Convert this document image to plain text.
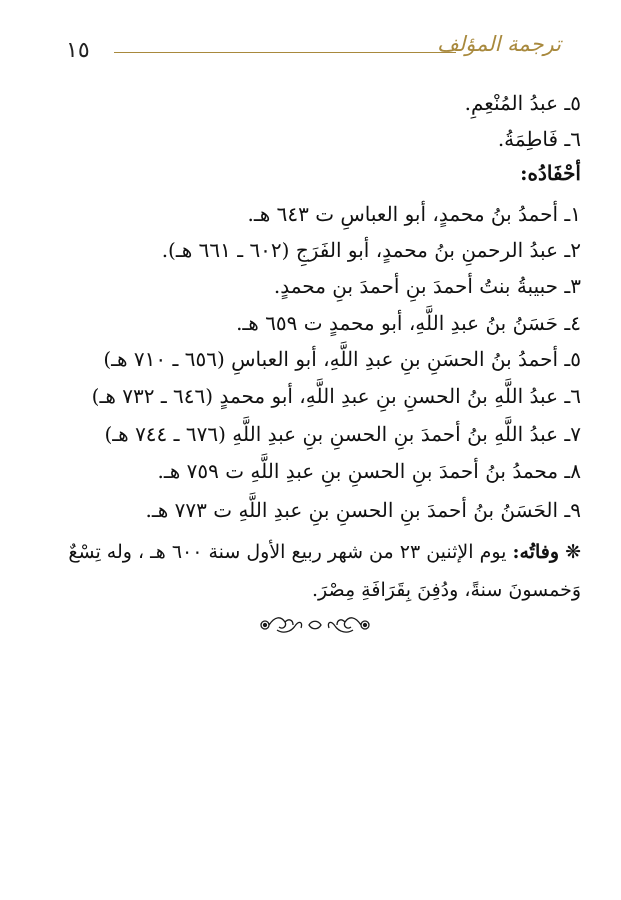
١٥	ترجمة المؤلف
٥ـ عبدُ المُنْعِمِ.
٦ـ فَاطِمَةُ.
أحْفَادُه:
١ـ أحمدُ بنُ محمدٍ، أبو العباسِ ت ٦٤٣ هـ.
٢ـ عبدُ الرحمنِ بنُ محمدٍ، أبو الفَرَجِ (٦٠٢ ـ ٦٦١ هـ).
٣ـ حبيبةُ بنتُ أحمدَ بنِ أحمدَ بنِ محمدٍ.
٤ـ حَسَنُ بنُ عبدِ اللَّهِ، أبو محمدٍ ت ٦٥٩ هـ.
٥ـ أحمدُ بنُ الحسَنِ بنِ عبدِ اللَّهِ، أبو العباسِ (٦٥٦ ـ ٧١٠ هـ)
٦ـ عبدُ اللَّهِ بنُ الحسنِ بنِ عبدِ اللَّهِ، أبو محمدٍ (٦٤٦ ـ ٧٣٢ هـ)
٧ـ عبدُ اللَّهِ بنُ أحمدَ بنِ الحسنِ بنِ عبدِ اللَّهِ (٦٧٦ ـ ٧٤٤ هـ)
٨ـ محمدُ بنُ أحمدَ بنِ الحسنِ بنِ عبدِ اللَّهِ ت ٧٥٩ هـ.
٩ـ الحَسَنُ بنُ أحمدَ بنِ الحسنِ بنِ عبدِ اللَّهِ ت ٧٧٣ هـ.
❋ وفاتُه: يوم الإثنين ٢٣ من شهر ربيع الأول سنة ٦٠٠ هـ ، وله تِسْعٌ وَخمسونَ سنةً، ودُفِنَ بِقَرَافَةِ مِصْرَ.
